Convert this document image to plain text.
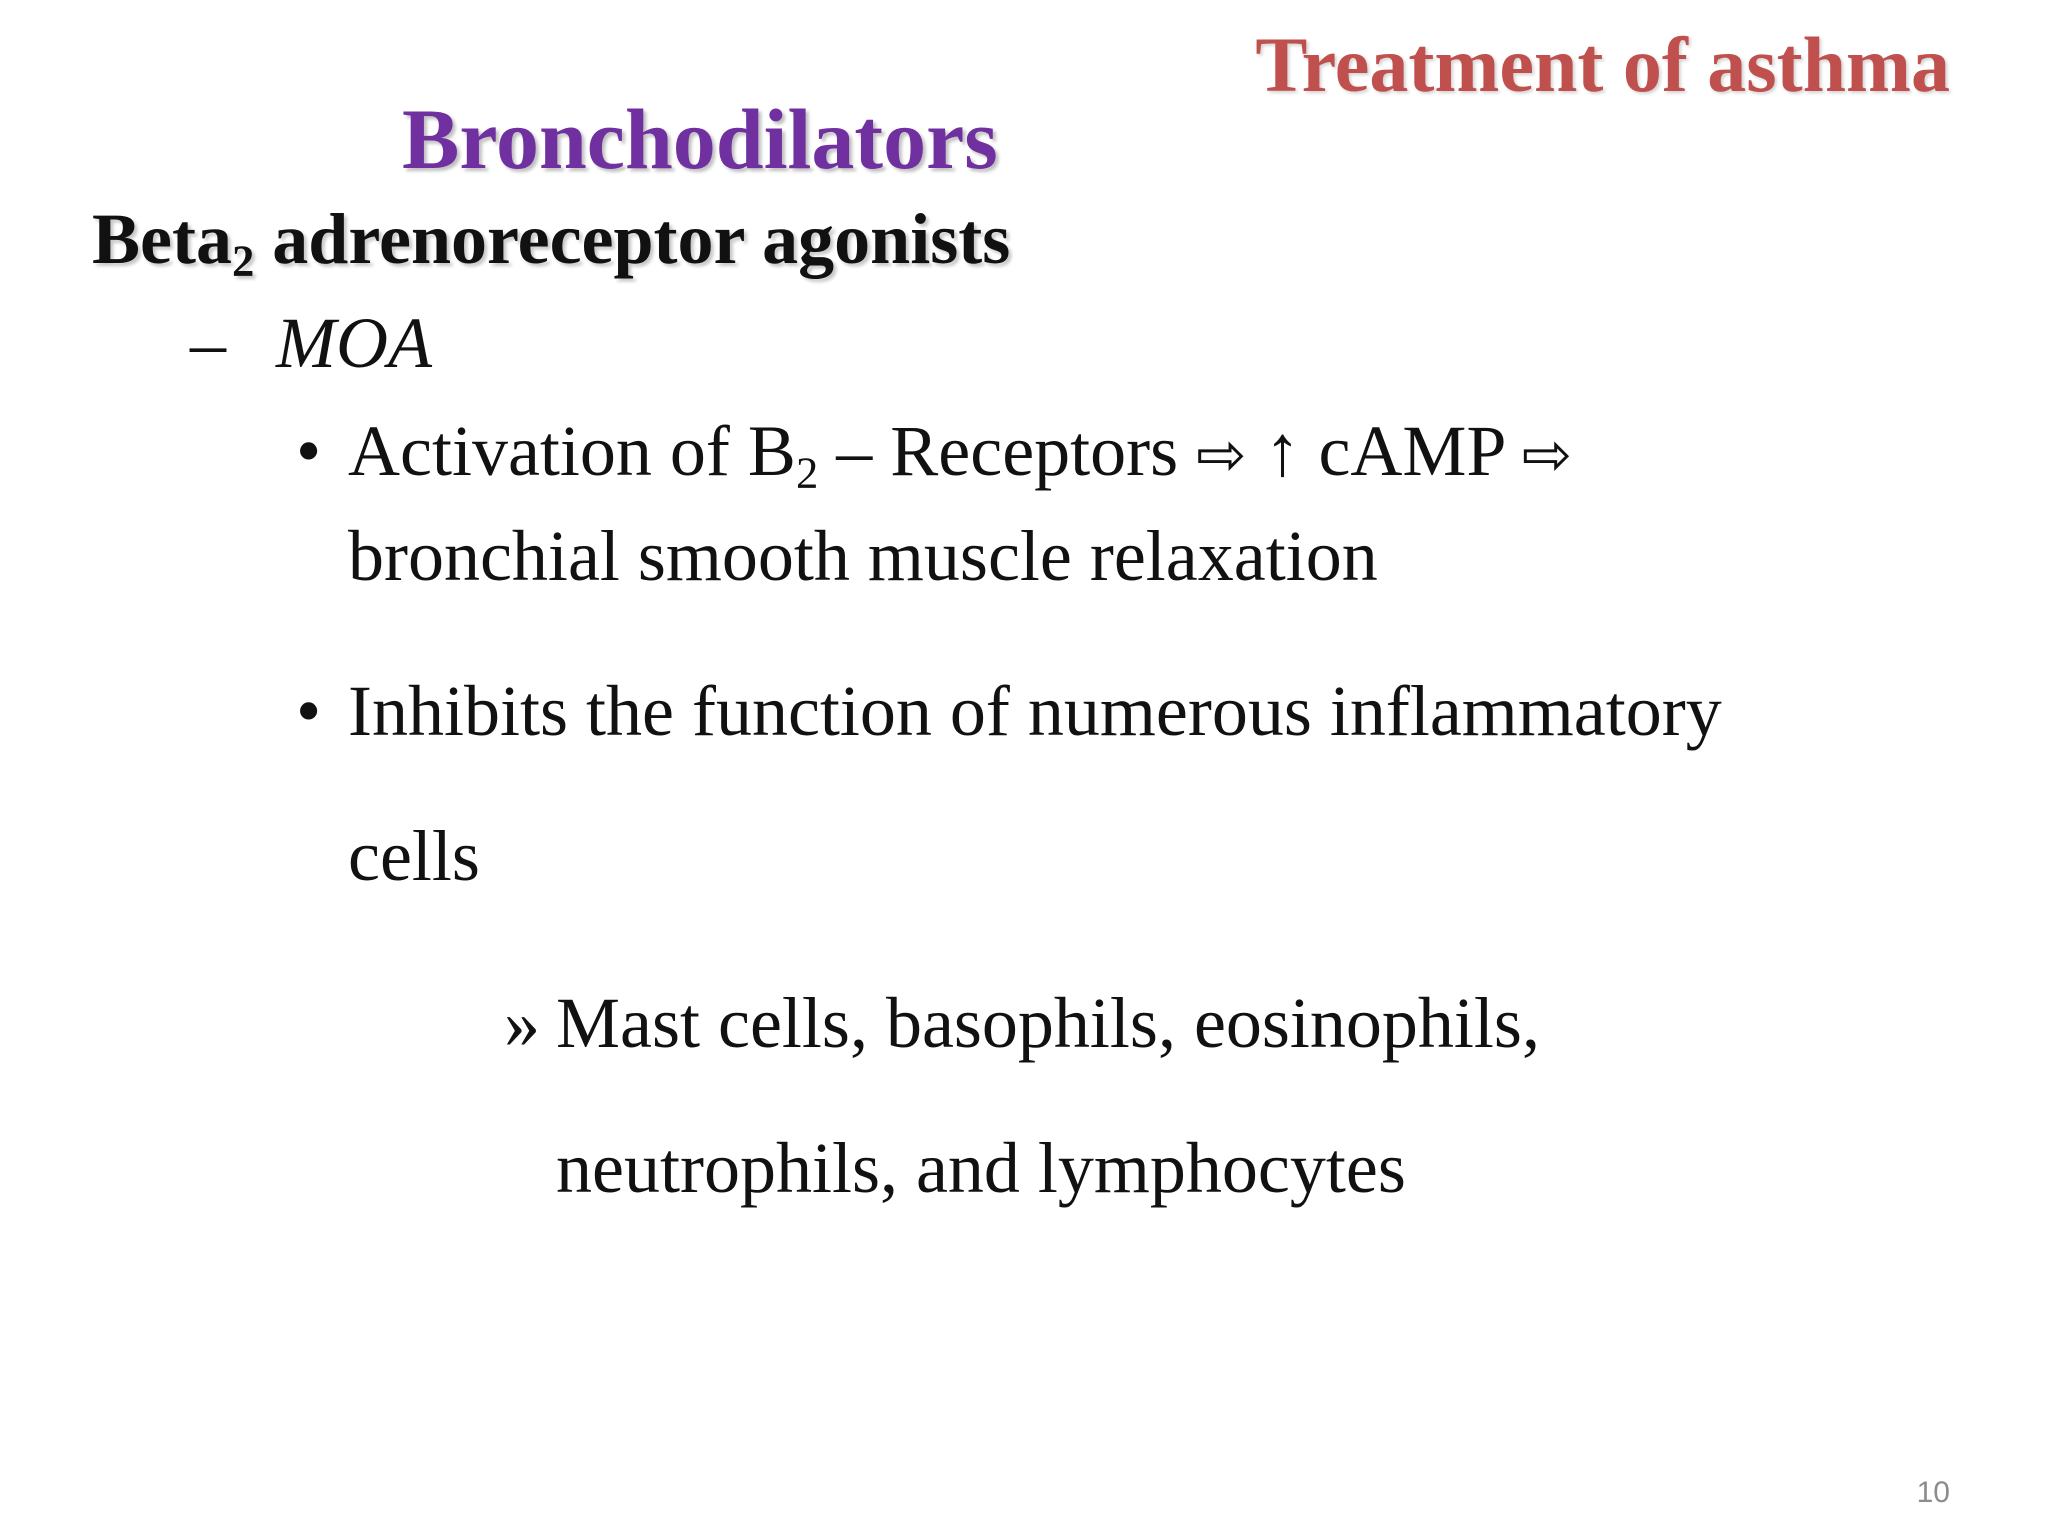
Treatment of asthma
Bronchodilators
Beta$_2$ adrenoreceptor agonists
– MOA
• Activation of $B_2$ – Receptors ⇨ ↑ cAMP ⇨
bronchial smooth muscle relaxation
• Inhibits the function of numerous inflammatory
cells
» Mast cells, basophils, eosinophils,
neutrophils, and lymphocytes
10
